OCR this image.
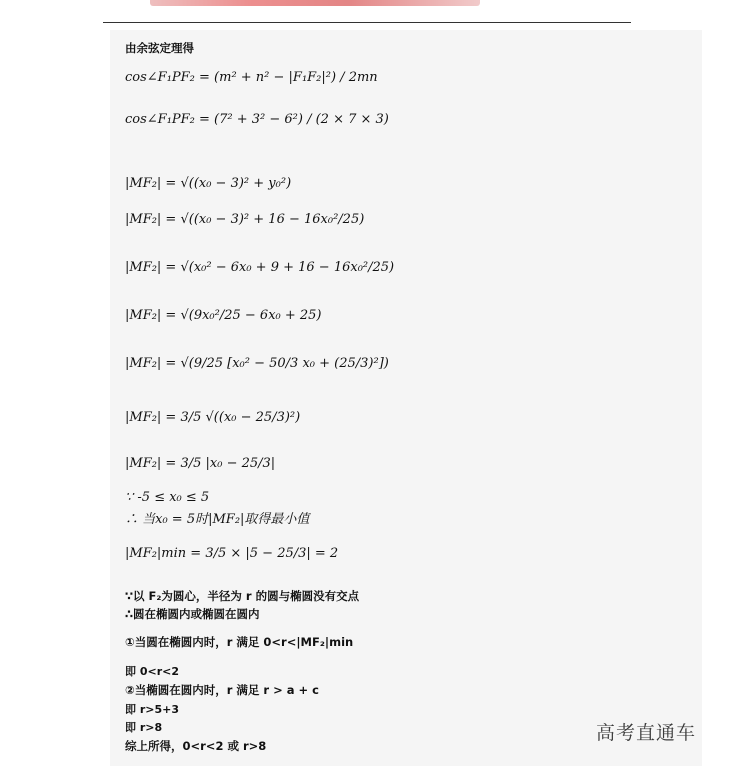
由余弦定理得
cos∠F₁PF₂ = (m² + n² − |F₁F₂|²) / 2mn
cos∠F₁PF₂ = (7² + 3² − 6²) / (2 × 7 × 3)
|MF₂| = √((x₀ − 3)² + y₀²)
|MF₂| = √((x₀ − 3)² + 16 − 16x₀²/25)
|MF₂| = √(x₀² − 6x₀ + 9 + 16 − 16x₀²/25)
|MF₂| = √(9x₀²/25 − 6x₀ + 25)
|MF₂| = √(9/25 [x₀² − 50/3 x₀ + (25/3)²])
|MF₂| = 3/5 √((x₀ − 25/3)²)
|MF₂| = 3/5 |x₀ − 25/3|
∵ -5 ≤ x₀ ≤ 5
∴ 当x₀ = 5时|MF₂|取得最小值
|MF₂|min = 3/5 × |5 − 25/3| = 2
∵以 F₂为圆心，半径为 r 的圆与椭圆没有交点
∴圆在椭圆内或椭圆在圆内
①当圆在椭圆内时，r 满足 0<r<|MF₂|min
即 0<r<2
②当椭圆在圆内时，r 满足 r > a + c
即 r>5+3
即 r>8
综上所得，0<r<2 或 r>8
高考直通车
